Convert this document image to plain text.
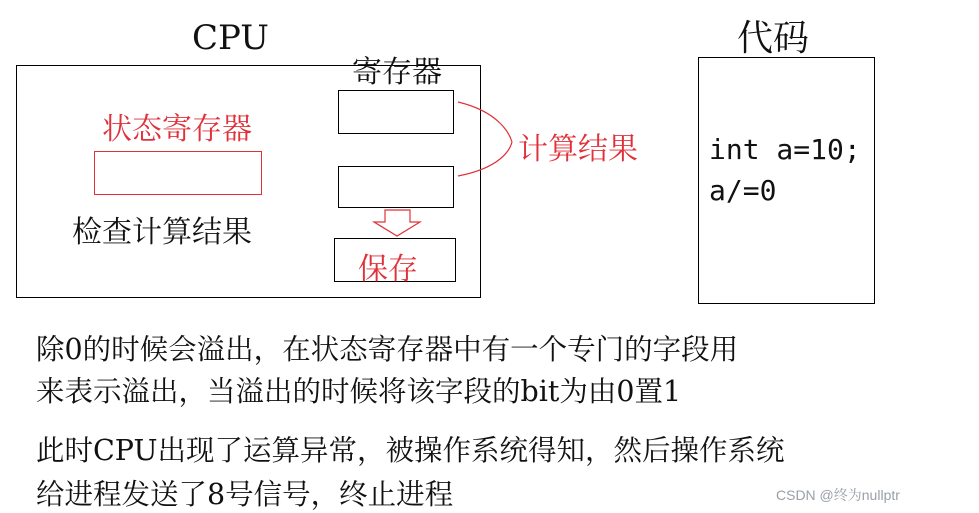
CPU
状态寄存器
检查计算结果
寄存器
保存
计算结果
代码
int a=10;
a/=0
除0的时候会溢出，在状态寄存器中有一个专门的字段用
来表示溢出，当溢出的时候将该字段的bit为由0置1
此时CPU出现了运算异常，被操作系统得知，然后操作系统
给进程发送了8号信号，终止进程	CSDN @终为nullptr
